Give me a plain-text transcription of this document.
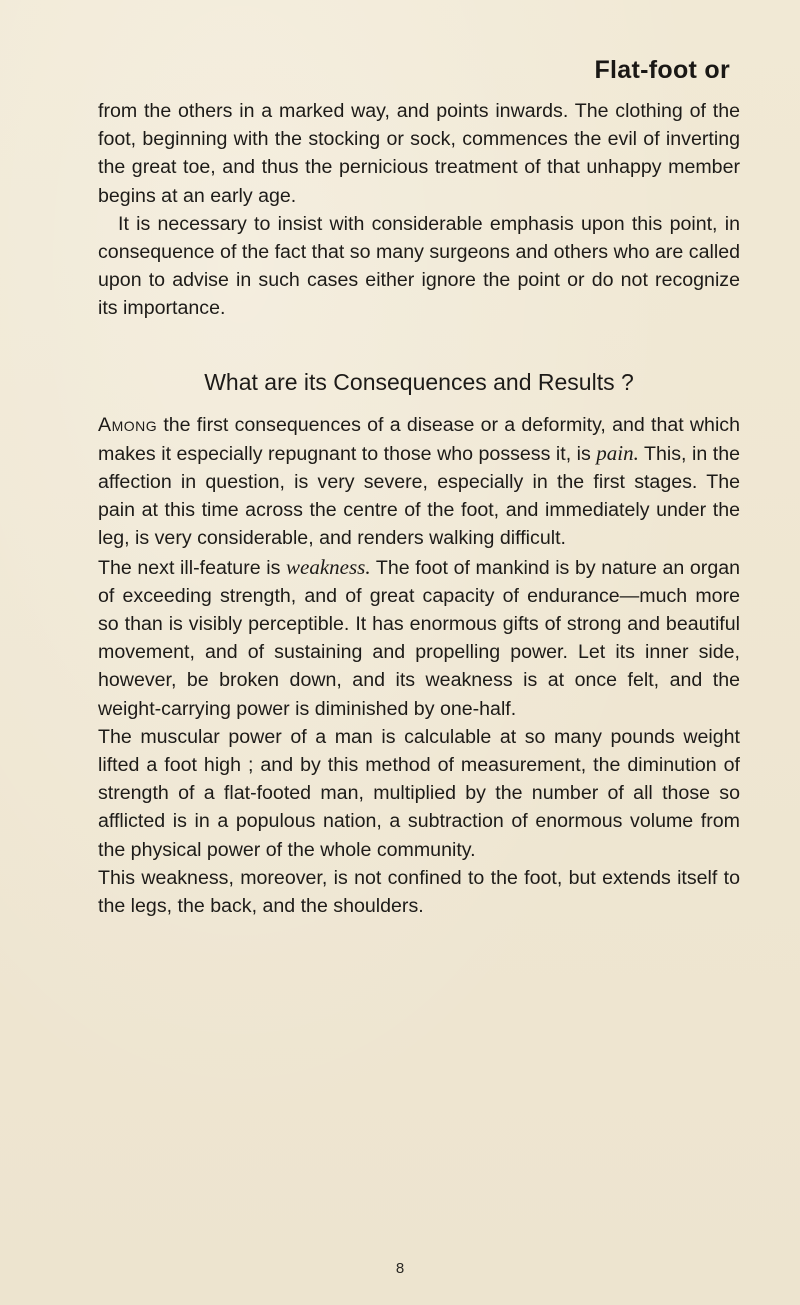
Flat-foot or

from the others in a marked way, and points inwards. The clothing of the foot, beginning with the stocking or sock, commences the evil of inverting the great toe, and thus the pernicious treatment of that unhappy member begins at an early age.

It is necessary to insist with considerable emphasis upon this point, in consequence of the fact that so many surgeons and others who are called upon to advise in such cases either ignore the point or do not recognize its importance.

What are its Consequences and Results ?

Among the first consequences of a disease or a deformity, and that which makes it especially repugnant to those who possess it, is pain. This, in the affection in question, is very severe, especially in the first stages. The pain at this time across the centre of the foot, and immediately under the leg, is very considerable, and renders walking difficult.

The next ill-feature is weakness. The foot of mankind is by nature an organ of exceeding strength, and of great capacity of endurance—much more so than is visibly perceptible. It has enormous gifts of strong and beautiful movement, and of sustaining and propelling power. Let its inner side, however, be broken down, and its weakness is at once felt, and the weight-carrying power is diminished by one-half.

The muscular power of a man is calculable at so many pounds weight lifted a foot high ; and by this method of measurement, the diminution of strength of a flat-footed man, multiplied by the number of all those so afflicted is in a populous nation, a subtraction of enormous volume from the physical power of the whole community.

This weakness, moreover, is not confined to the foot, but extends itself to the legs, the back, and the shoulders.

8
